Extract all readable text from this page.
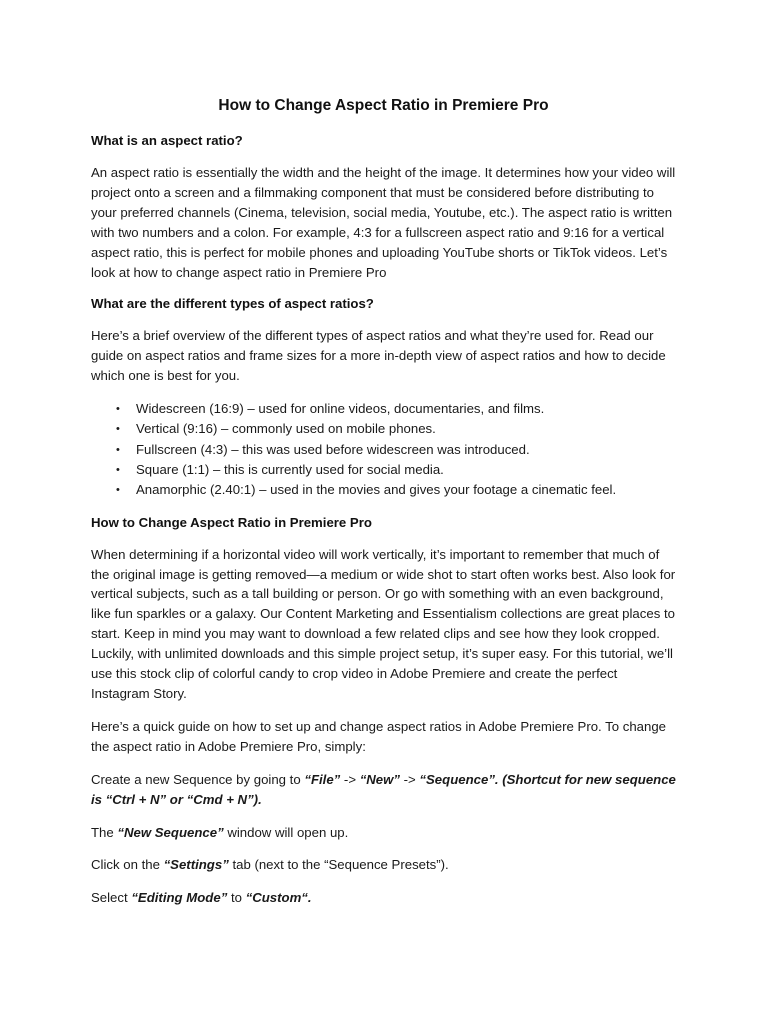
How to Change Aspect Ratio in Premiere Pro
What is an aspect ratio?

An aspect ratio is essentially the width and the height of the image. It determines how your video will project onto a screen and a filmmaking component that must be considered before distributing to your preferred channels (Cinema, television, social media, Youtube, etc.). The aspect ratio is written with two numbers and a colon. For example, 4:3 for a fullscreen aspect ratio and 9:16 for a vertical aspect ratio, this is perfect for mobile phones and uploading YouTube shorts or TikTok videos. Let’s look at how to change aspect ratio in Premiere Pro

What are the different types of aspect ratios?

Here’s a brief overview of the different types of aspect ratios and what they’re used for. Read our guide on aspect ratios and frame sizes for a more in-depth view of aspect ratios and how to decide which one is best for you.

• Widescreen (16:9) – used for online videos, documentaries, and films.
• Vertical (9:16) – commonly used on mobile phones.
• Fullscreen (4:3) – this was used before widescreen was introduced.
• Square (1:1) – this is currently used for social media.
• Anamorphic (2.40:1) – used in the movies and gives your footage a cinematic feel.
How to Change Aspect Ratio in Premiere Pro

When determining if a horizontal video will work vertically, it’s important to remember that much of the original image is getting removed—a medium or wide shot to start often works best. Also look for vertical subjects, such as a tall building or person. Or go with something with an even background, like fun sparkles or a galaxy. Our Content Marketing and Essentialism collections are great places to start. Keep in mind you may want to download a few related clips and see how they look cropped. Luckily, with unlimited downloads and this simple project setup, it’s super easy. For this tutorial, we’ll use this stock clip of colorful candy to crop video in Adobe Premiere and create the perfect Instagram Story.

Here’s a quick guide on how to set up and change aspect ratios in Adobe Premiere Pro. To change the aspect ratio in Adobe Premiere Pro, simply:

Create a new Sequence by going to “File” -> “New” -> “Sequence”. (Shortcut for new sequence is “Ctrl + N” or “Cmd + N”).

The “New Sequence” window will open up.

Click on the “Settings” tab (next to the “Sequence Presets”).

Select “Editing Mode” to “Custom“.
